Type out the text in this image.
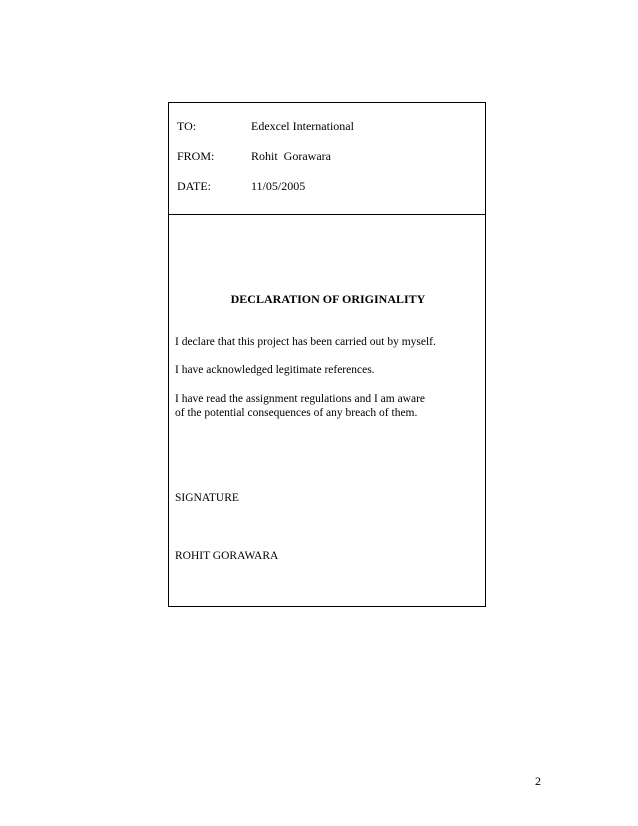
TO:	Edexcel International
FROM:	Rohit  Gorawara
DATE:	11/05/2005
DECLARATION OF ORIGINALITY
I declare that this project has been carried out by myself.
I have acknowledged legitimate references.
I have read the assignment regulations and I am aware
of the potential consequences of any breach of them.
SIGNATURE
ROHIT GORAWARA
2
